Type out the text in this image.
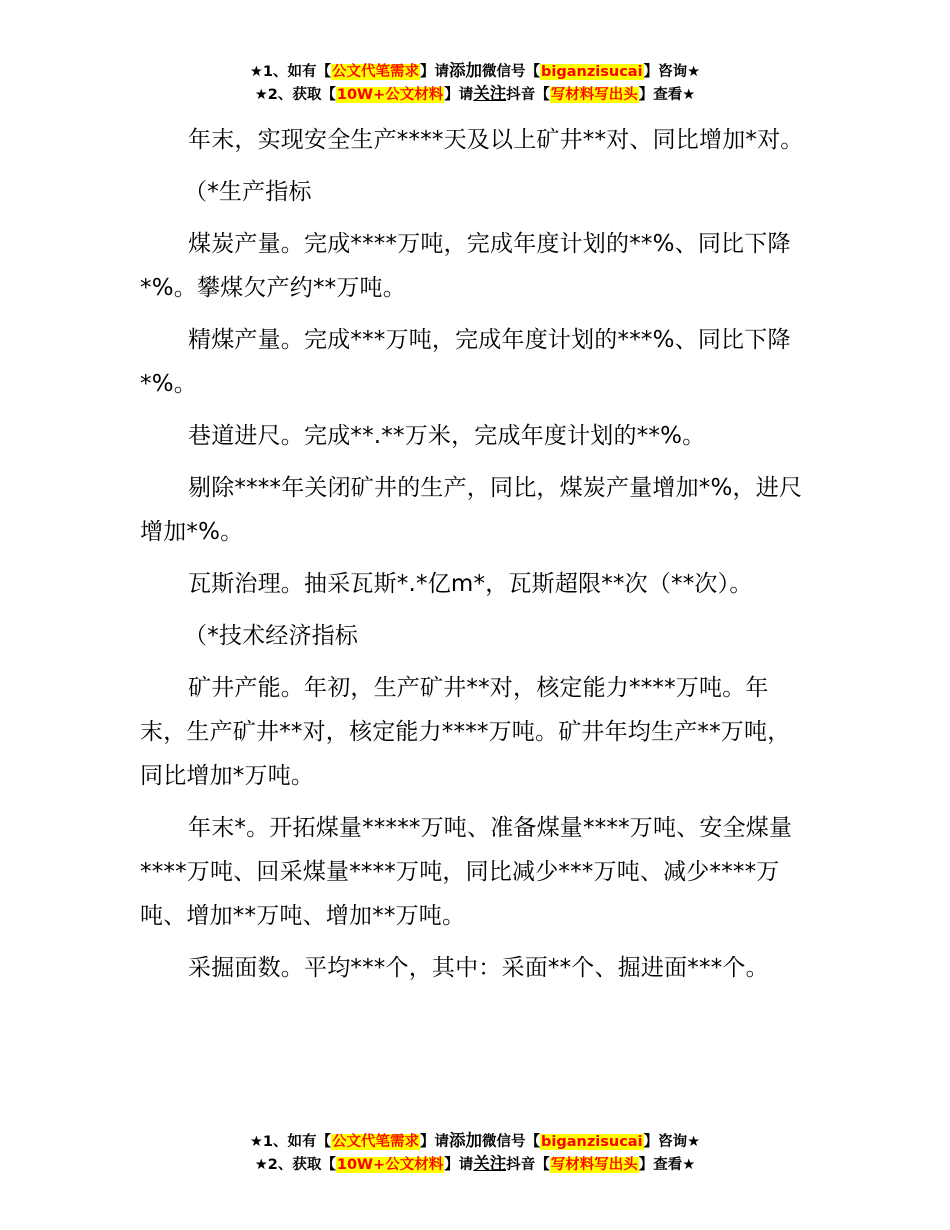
★1、如有【公文代笔需求】请添加微信号【biganzisucai】咨询★
★2、获取【10W+公文材料】请关注抖音【写材料写出头】查看★

年末，实现安全生产****天及以上矿井**对、同比增加*对。

（*生产指标

煤炭产量。完成****万吨，完成年度计划的**%、同比下降*%。攀煤欠产约**万吨。

精煤产量。完成***万吨，完成年度计划的***%、同比下降*%。

巷道进尺。完成**.**万米，完成年度计划的**%。

剔除****年关闭矿井的生产，同比，煤炭产量增加*%，进尺增加*%。

瓦斯治理。抽采瓦斯*.*亿m*，瓦斯超限**次（**次）。

（*技术经济指标

矿井产能。年初，生产矿井**对，核定能力****万吨。年末，生产矿井**对，核定能力****万吨。矿井年均生产**万吨，同比增加*万吨。

年末*。开拓煤量*****万吨、准备煤量****万吨、安全煤量****万吨、回采煤量****万吨，同比减少***万吨、减少****万吨、增加**万吨、增加**万吨。

采掘面数。平均***个，其中：采面**个、掘进面***个。

★1、如有【公文代笔需求】请添加微信号【biganzisucai】咨询★
★2、获取【10W+公文材料】请关注抖音【写材料写出头】查看★
